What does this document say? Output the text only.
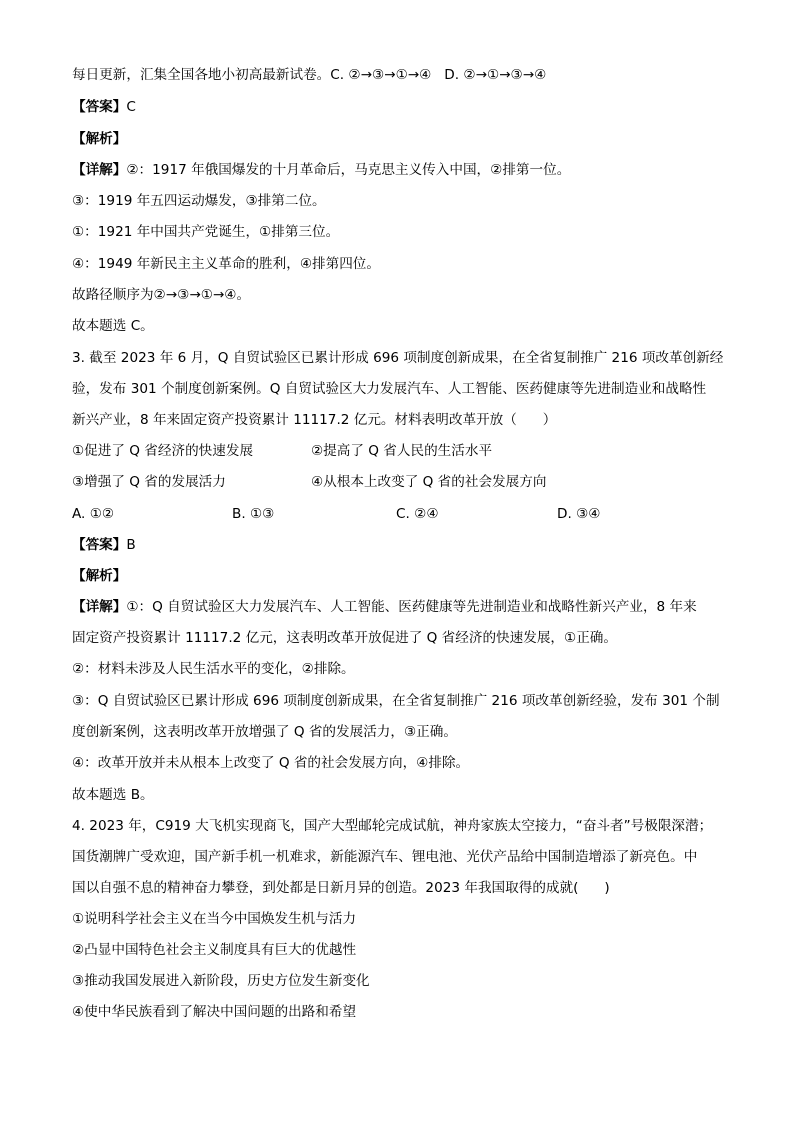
每日更新，汇集全国各地小初高最新试卷。C. ②→③→①→④   D. ②→①→③→④
【答案】C
【解析】
【详解】②：1917 年俄国爆发的十月革命后，马克思主义传入中国，②排第一位。
③：1919 年五四运动爆发，③排第二位。
①：1921 年中国共产党诞生，①排第三位。
④：1949 年新民主主义革命的胜利，④排第四位。
故路径顺序为②→③→①→④。
故本题选 C。
3. 截至 2023 年 6 月，Q 自贸试验区已累计形成 696 项制度创新成果，在全省复制推广 216 项改革创新经
验，发布 301 个制度创新案例。Q 自贸试验区大力发展汽车、人工智能、医药健康等先进制造业和战略性
新兴产业，8 年来固定资产投资累计 11117.2 亿元。材料表明改革开放（      ）
①促进了 Q 省经济的快速发展	②提高了 Q 省人民的生活水平
③增强了 Q 省的发展活力	④从根本上改变了 Q 省的社会发展方向
A. ①②	B. ①③	C. ②④	D. ③④
【答案】B
【解析】
【详解】①：Q 自贸试验区大力发展汽车、人工智能、医药健康等先进制造业和战略性新兴产业，8 年来
固定资产投资累计 11117.2 亿元，这表明改革开放促进了 Q 省经济的快速发展，①正确。
②：材料未涉及人民生活水平的变化，②排除。
③：Q 自贸试验区已累计形成 696 项制度创新成果，在全省复制推广 216 项改革创新经验，发布 301 个制
度创新案例，这表明改革开放增强了 Q 省的发展活力，③正确。
④：改革开放并未从根本上改变了 Q 省的社会发展方向，④排除。
故本题选 B。
4. 2023 年，C919 大飞机实现商飞，国产大型邮轮完成试航，神舟家族太空接力，“奋斗者”号极限深潜；
国货潮牌广受欢迎，国产新手机一机难求，新能源汽车、锂电池、光伏产品给中国制造增添了新亮色。中
国以自强不息的精神奋力攀登，到处都是日新月异的创造。2023 年我国取得的成就(      )
①说明科学社会主义在当今中国焕发生机与活力
②凸显中国特色社会主义制度具有巨大的优越性
③推动我国发展进入新阶段，历史方位发生新变化
④使中华民族看到了解决中国问题的出路和希望
